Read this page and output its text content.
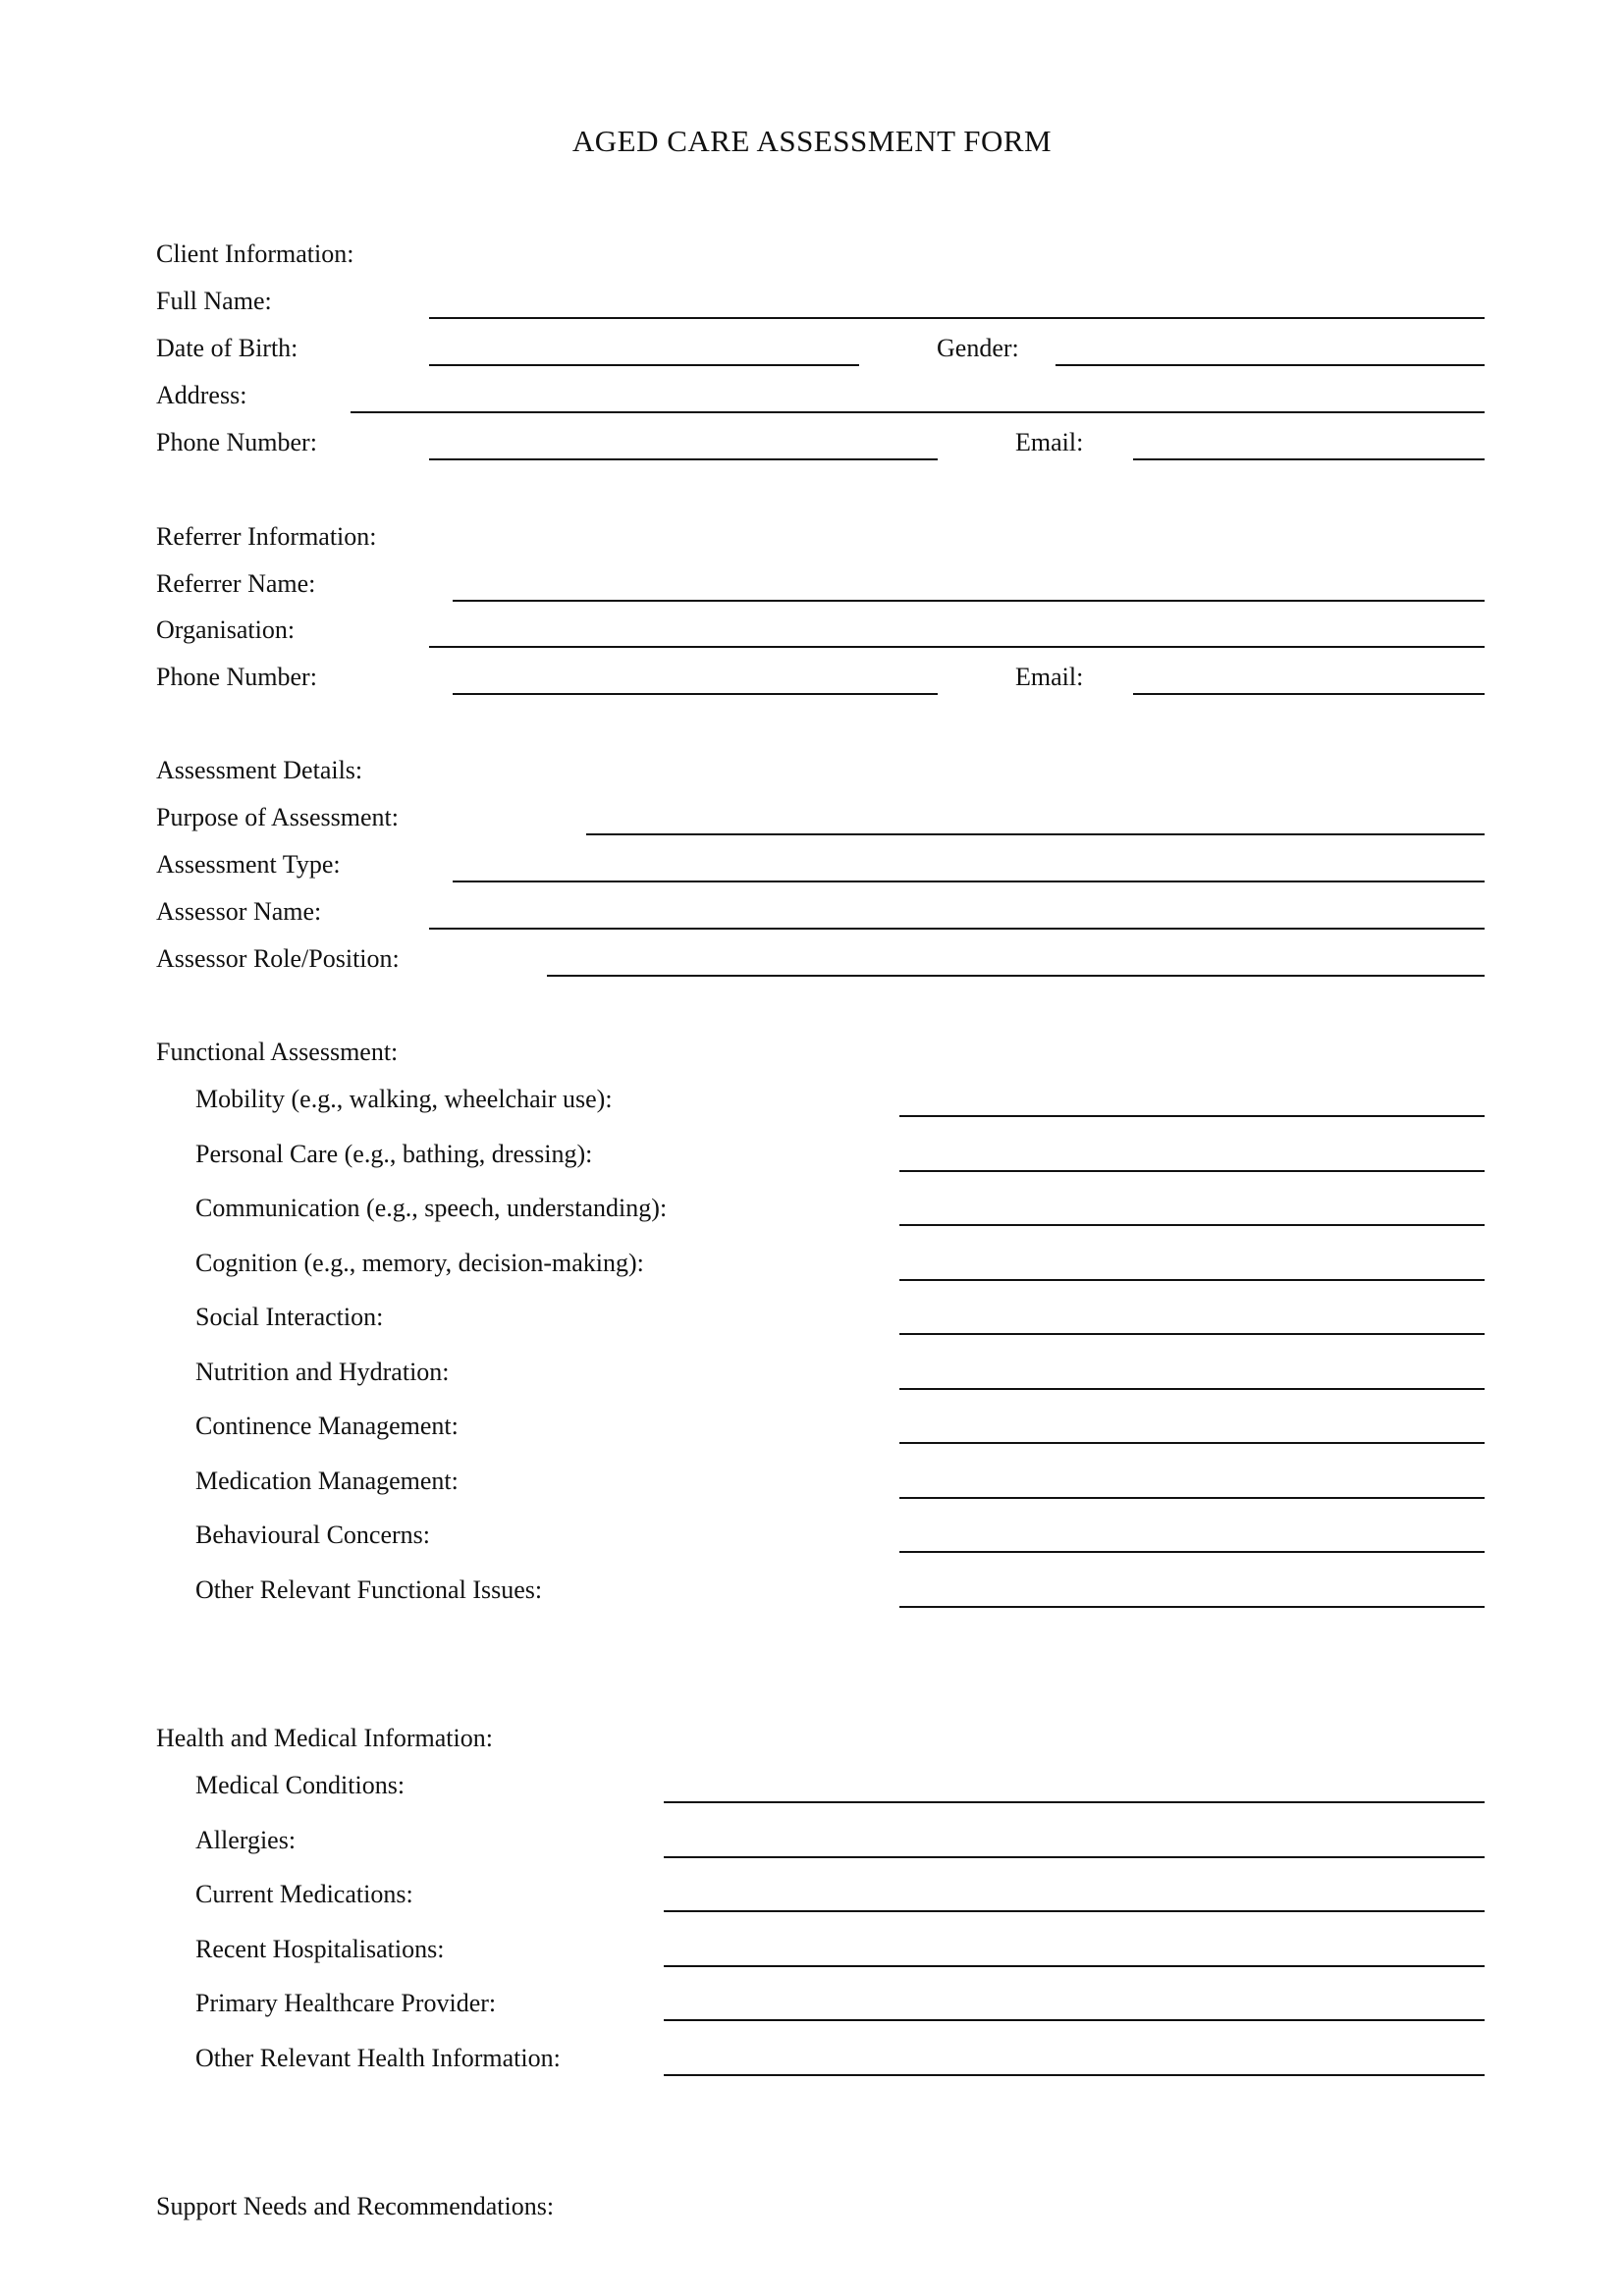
AGED CARE ASSESSMENT FORM
Client Information:
Full Name:
Date of Birth:	Gender:
Address:
Phone Number:	Email:
Referrer Information:
Referrer Name:
Organisation:
Phone Number:	Email:
Assessment Details:
Purpose of Assessment:
Assessment Type:
Assessor Name:
Assessor Role/Position:
Functional Assessment:
Mobility (e.g., walking, wheelchair use):
Personal Care (e.g., bathing, dressing):
Communication (e.g., speech, understanding):
Cognition (e.g., memory, decision-making):
Social Interaction:
Nutrition and Hydration:
Continence Management:
Medication Management:
Behavioural Concerns:
Other Relevant Functional Issues:
Health and Medical Information:
Medical Conditions:
Allergies:
Current Medications:
Recent Hospitalisations:
Primary Healthcare Provider:
Other Relevant Health Information:
Support Needs and Recommendations:
